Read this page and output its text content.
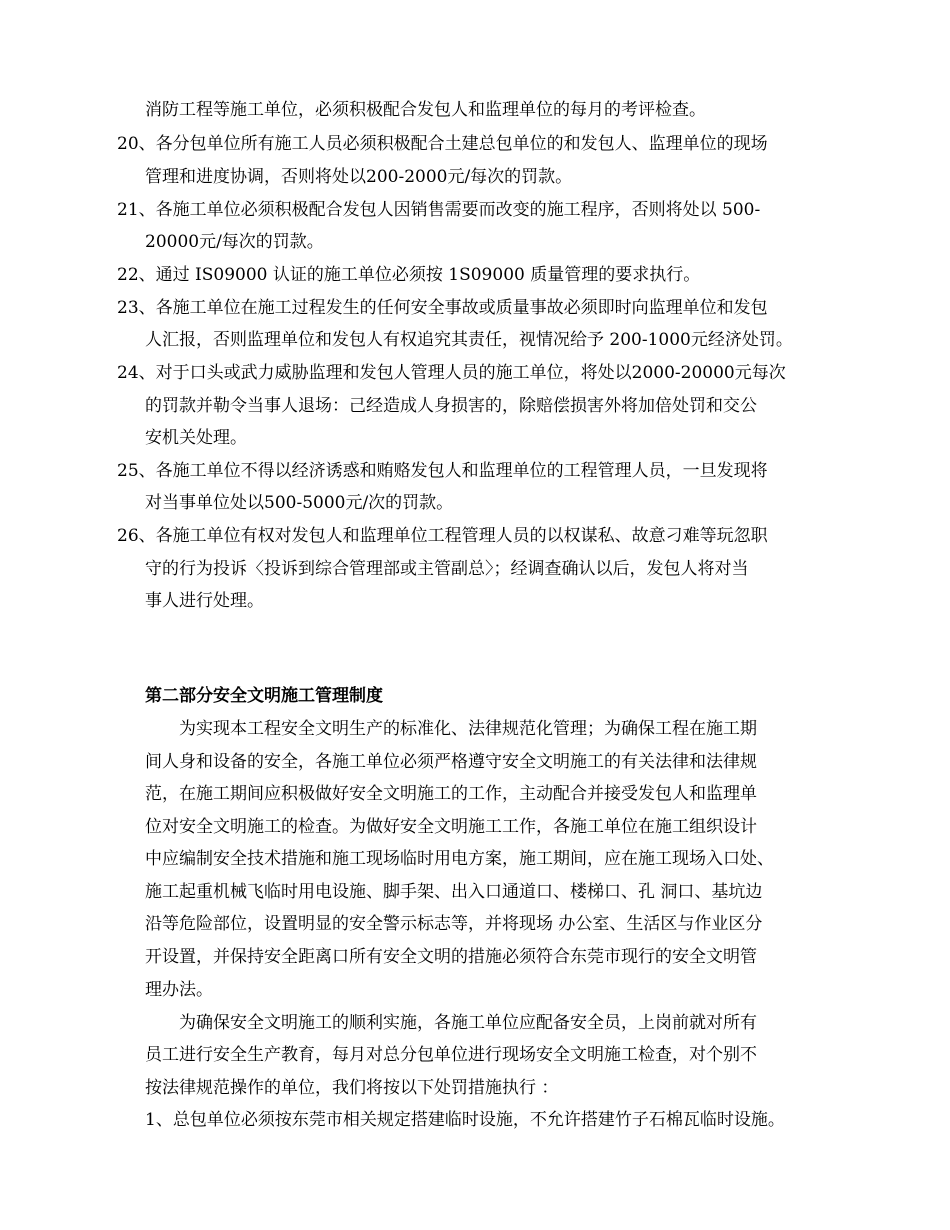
消防工程等施工单位，必须积极配合发包人和监理单位的每月的考评检查。
20、各分包单位所有施工人员必须积极配合土建总包单位的和发包人、监理单位的现场
管理和进度协调，否则将处以200-2000元/每次的罚款。
21、各施工单位必须积极配合发包人因销售需要而改变的施工程序，否则将处以 500-
20000元/每次的罚款。
22、通过 IS09000 认证的施工单位必须按 1S09000 质量管理的要求执行。
23、各施工单位在施工过程发生的任何安全事故或质量事故必须即时向监理单位和发包
人汇报，否则监理单位和发包人有权追究其责任，视情况给予 200-1000元经济处罚。
24、对于口头或武力威胁监理和发包人管理人员的施工单位，将处以2000-20000元每次
的罚款并勒令当事人退场：己经造成人身损害的，除赔偿损害外将加倍处罚和交公
安机关处理。
25、各施工单位不得以经济诱惑和贿赂发包人和监理单位的工程管理人员，一旦发现将
对当事单位处以500-5000元/次的罚款。
26、各施工单位有权对发包人和监理单位工程管理人员的以权谋私、故意刁难等玩忽职
守的行为投诉〈投诉到综合管理部或主管副总〉；经调查确认以后，发包人将对当
事人进行处理。
第二部分安全文明施工管理制度
为实现本工程安全文明生产的标准化、法律规范化管理；为确保工程在施工期
间人身和设备的安全，各施工单位必须严格遵守安全文明施工的有关法律和法律规
范，在施工期间应积极做好安全文明施工的工作，主动配合并接受发包人和监理单
位对安全文明施工的检查。为做好安全文明施工工作，各施工单位在施工组织设计
中应编制安全技术措施和施工现场临时用电方案，施工期间，应在施工现场入口处、
施工起重机械飞临时用电设施、脚手架、出入口通道口、楼梯口、孔 洞口、基坑边
沿等危险部位，设置明显的安全警示标志等，并将现场 办公室、生活区与作业区分
开设置，并保持安全距离口所有安全文明的措施必须符合东莞市现行的安全文明管
理办法。
为确保安全文明施工的顺利实施，各施工单位应配备安全员，上岗前就对所有
员工进行安全生产教育，每月对总分包单位进行现场安全文明施工检查，对个别不
按法律规范操作的单位，我们将按以下处罚措施执行 ：
1、总包单位必须按东莞市相关规定搭建临时设施，不允许搭建竹子石棉瓦临时设施。
